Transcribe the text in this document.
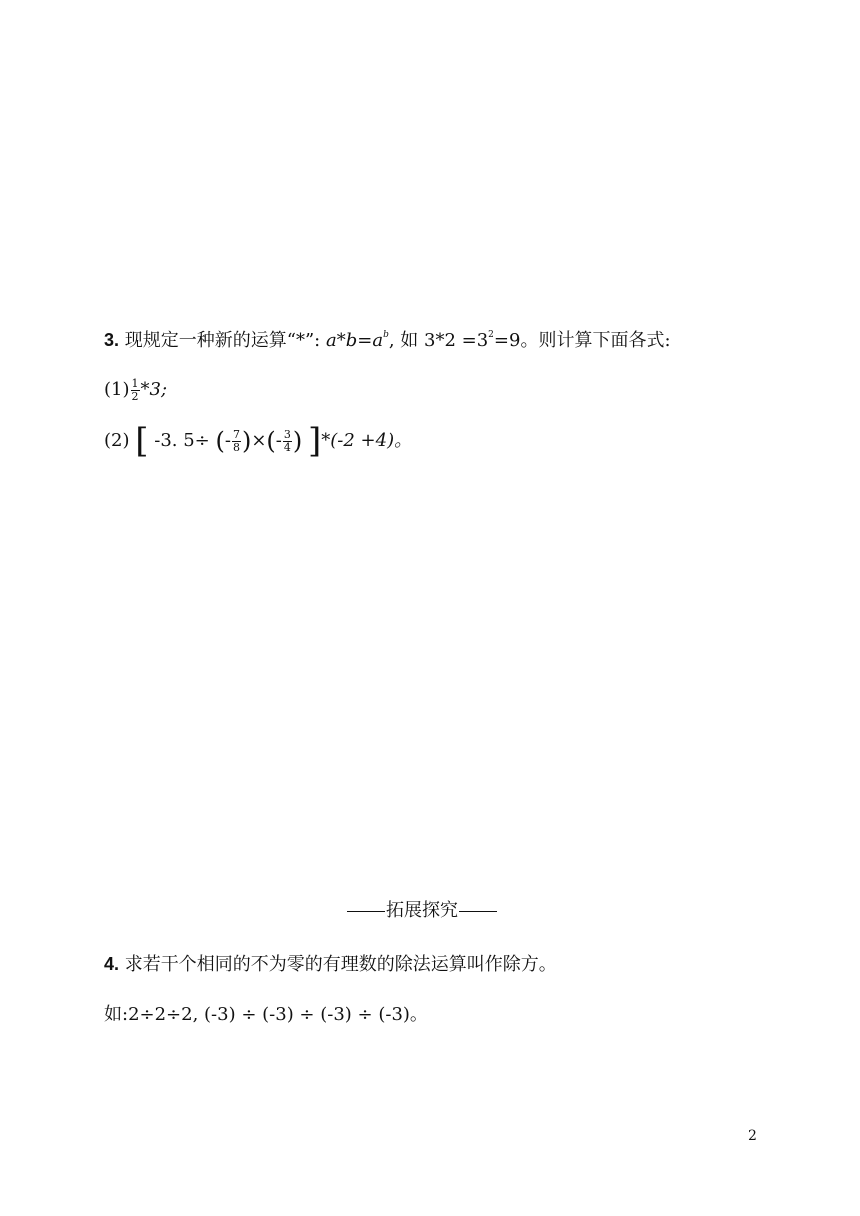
3. 现规定一种新的运算“*”: $a*b=a^b$, 如 $3*2 =3^2=9$。则计算下面各式:
$(1) \frac{1}{2} *3$;
(2) [ -3. 5÷ (- $\frac{7}{8}$ )×(- $\frac{3}{4}$ ) ]*(-2 +4)。
拓展探究
4. 求若干个相同的不为零的有理数的除法运算叫作除方。
如:2÷2÷2, (-3) ÷ (-3) ÷ (-3) ÷ (-3)。
2
